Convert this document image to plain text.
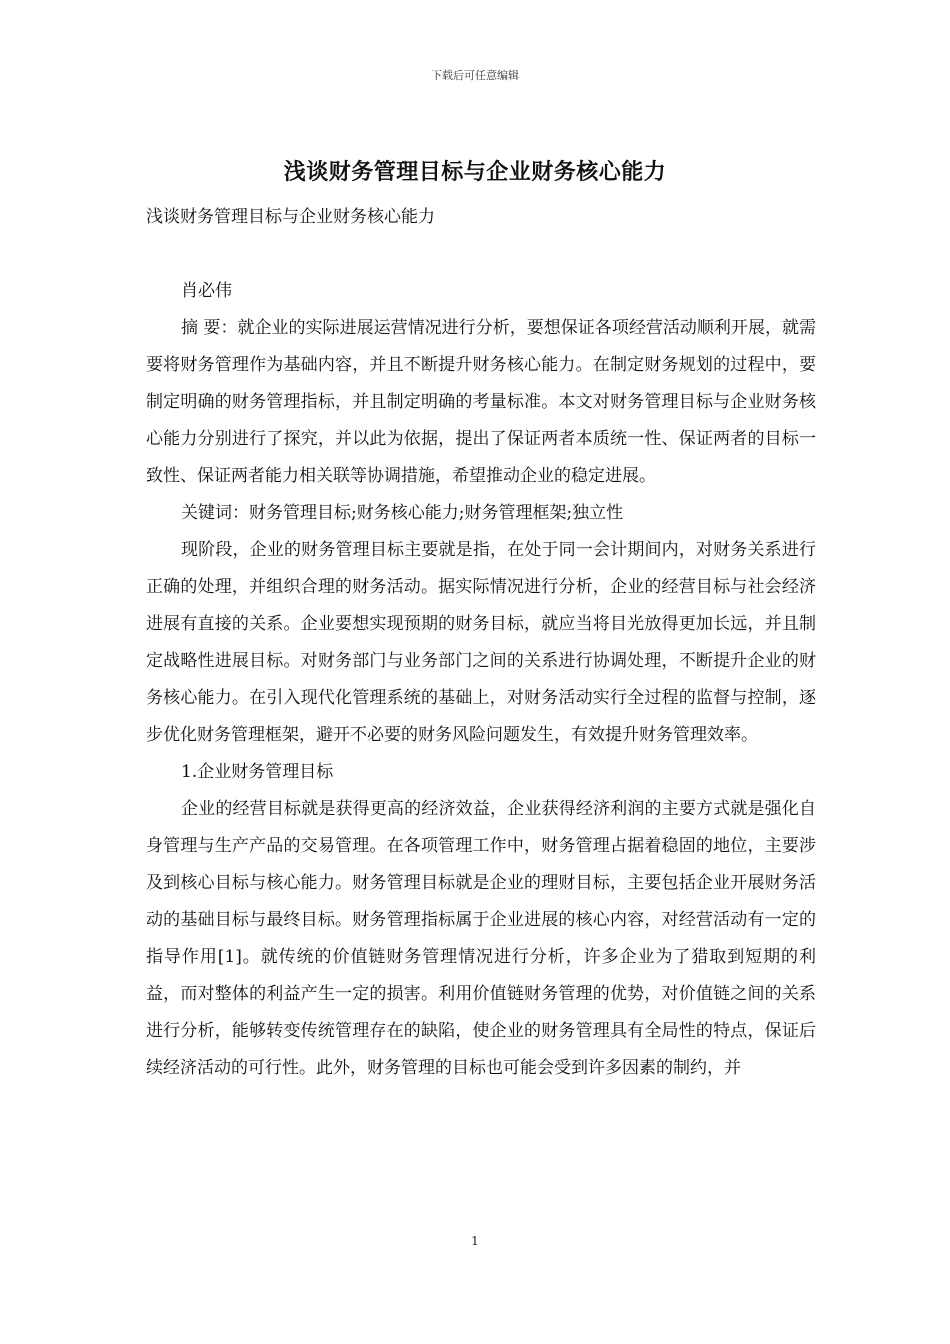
下载后可任意编辑
浅谈财务管理目标与企业财务核心能力

浅谈财务管理目标与企业财务核心能力

肖必伟

摘 要：就企业的实际进展运营情况进行分析，要想保证各项经营活动顺利开展，就需要将财务管理作为基础内容，并且不断提升财务核心能力。在制定财务规划的过程中，要制定明确的财务管理指标，并且制定明确的考量标准。本文对财务管理目标与企业财务核心能力分别进行了探究，并以此为依据，提出了保证两者本质统一性、保证两者的目标一致性、保证两者能力相关联等协调措施，希望推动企业的稳定进展。

关键词：财务管理目标;财务核心能力;财务管理框架;独立性

现阶段，企业的财务管理目标主要就是指，在处于同一会计期间内，对财务关系进行正确的处理，并组织合理的财务活动。据实际情况进行分析，企业的经营目标与社会经济进展有直接的关系。企业要想实现预期的财务目标，就应当将目光放得更加长远，并且制定战略性进展目标。对财务部门与业务部门之间的关系进行协调处理，不断提升企业的财务核心能力。在引入现代化管理系统的基础上，对财务活动实行全过程的监督与控制，逐步优化财务管理框架，避开不必要的财务风险问题发生，有效提升财务管理效率。

1.企业财务管理目标

企业的经营目标就是获得更高的经济效益，企业获得经济利润的主要方式就是强化自身管理与生产产品的交易管理。在各项管理工作中，财务管理占据着稳固的地位，主要涉及到核心目标与核心能力。财务管理目标就是企业的理财目标，主要包括企业开展财务活动的基础目标与最终目标。财务管理指标属于企业进展的核心内容，对经营活动有一定的指导作用[1]。就传统的价值链财务管理情况进行分析，许多企业为了猎取到短期的利益，而对整体的利益产生一定的损害。利用价值链财务管理的优势，对价值链之间的关系进行分析，能够转变传统管理存在的缺陷，使企业的财务管理具有全局性的特点，保证后续经济活动的可行性。此外，财务管理的目标也可能会受到许多因素的制约，并

1
